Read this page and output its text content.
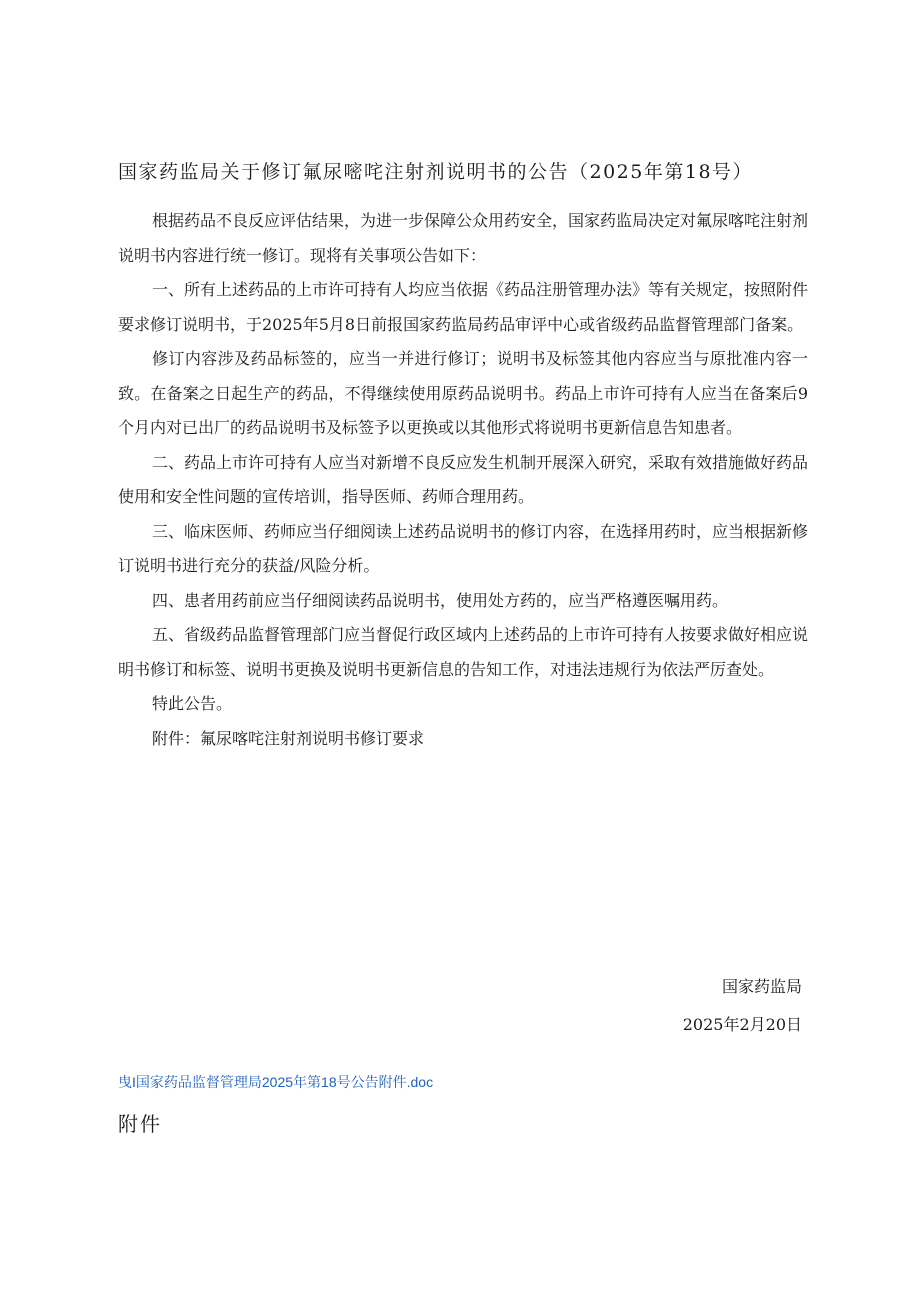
国家药监局关于修订氟尿嘧咤注射剂说明书的公告（2025年第18号）

根据药品不良反应评估结果，为进一步保障公众用药安全，国家药监局决定对氟尿喀咤注射剂说明书内容进行统一修订。现将有关事项公告如下：

一、所有上述药品的上市许可持有人均应当依据《药品注册管理办法》等有关规定，按照附件要求修订说明书，于2025年5月8日前报国家药监局药品审评中心或省级药品监督管理部门备案。

修订内容涉及药品标签的，应当一并进行修订；说明书及标签其他内容应当与原批准内容一致。在备案之日起生产的药品，不得继续使用原药品说明书。药品上市许可持有人应当在备案后9个月内对已出厂的药品说明书及标签予以更换或以其他形式将说明书更新信息告知患者。

二、药品上市许可持有人应当对新增不良反应发生机制开展深入研究，采取有效措施做好药品使用和安全性问题的宣传培训，指导医师、药师合理用药。

三、临床医师、药师应当仔细阅读上述药品说明书的修订内容，在选择用药时，应当根据新修订说明书进行充分的获益/风险分析。

四、患者用药前应当仔细阅读药品说明书，使用处方药的，应当严格遵医嘱用药。

五、省级药品监督管理部门应当督促行政区域内上述药品的上市许可持有人按要求做好相应说明书修订和标签、说明书更换及说明书更新信息的告知工作，对违法违规行为依法严厉查处。

特此公告。

附件：氟尿喀咤注射剂说明书修订要求

国家药监局
2025年2月20日
曳I国家药品监督管理局2025年第18号公告附件.doc
附件
